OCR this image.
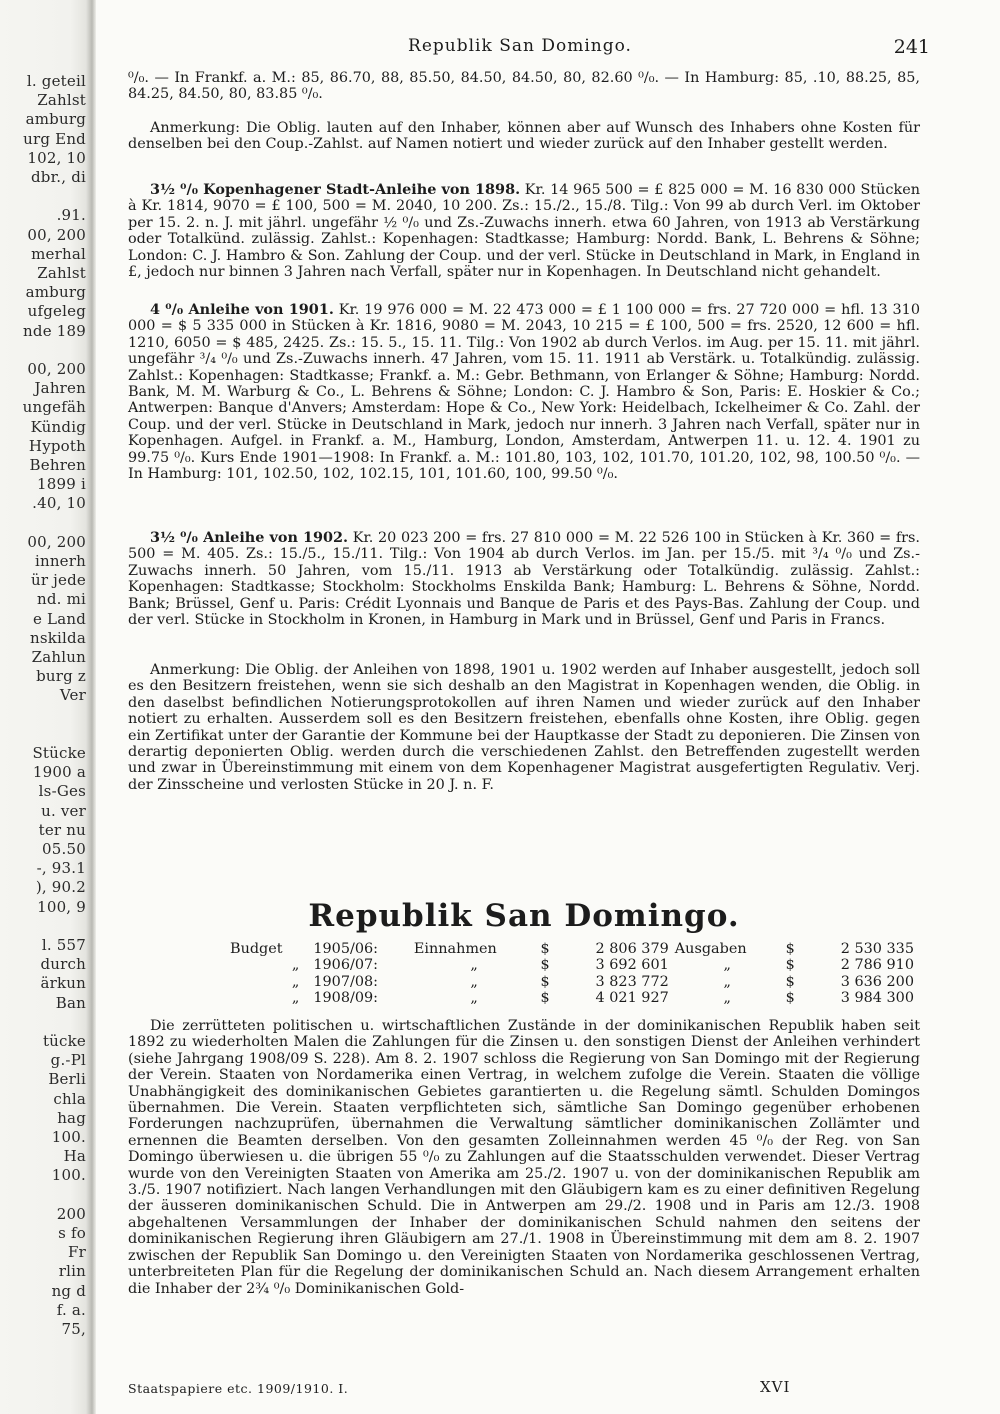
l. geteil
Zahlst
amburg
urg End
102, 10
dbr., di
.91.
00, 200
merhal
Zahlst
amburg
ufgeleg
nde 189
00, 200
Jahren
ungefäh
Kündig
Hypoth
Behren
1899 i
.40, 10
00, 200
innerh
ür jede
nd. mi
e Land
nskilda
Zahlun
burg z
Ver
Stücke
1900 a
ls-Ges
u. ver
ter nu
05.50
-, 93.1
), 90.2
100, 9
l. 557
durch
ärkun
Ban
tücke
g.-Pl
Berli
chla
hag
100.
Ha
100.
200
s fo
Fr
rlin
ng d
f. a.
75,
Republik San Domingo.	241

⁰/₀. — In Frankf. a. M.: 85, 86.70, 88, 85.50, 84.50, 84.50, 80, 82.60 ⁰/₀. — In Hamburg: 85, .10, 88.25, 85, 84.25, 84.50, 80, 83.85 ⁰/₀.

Anmerkung: Die Oblig. lauten auf den Inhaber, können aber auf Wunsch des Inhabers ohne Kosten für denselben bei den Coup.-Zahlst. auf Namen notiert und wieder zurück auf den Inhaber gestellt werden.

3½ ⁰/₀ Kopenhagener Stadt-Anleihe von 1898. Kr. 14 965 500 = £ 825 000 = M. 16 830 000 Stücken à Kr. 1814, 9070 = £ 100, 500 = M. 2040, 10 200. Zs.: 15./2., 15./8. Tilg.: Von 99 ab durch Verl. im Oktober per 15. 2. n. J. mit jährl. ungefähr ½ ⁰/₀ und Zs.-Zuwachs innerh. etwa 60 Jahren, von 1913 ab Verstärkung oder Totalkünd. zulässig. Zahlst.: Kopenhagen: Stadtkasse; Hamburg: Nordd. Bank, L. Behrens & Söhne; London: C. J. Hambro & Son. Zahlung der Coup. und der verl. Stücke in Deutschland in Mark, in England in £, jedoch nur binnen 3 Jahren nach Verfall, später nur in Kopenhagen. In Deutschland nicht gehandelt.

4 ⁰/₀ Anleihe von 1901. Kr. 19 976 000 = M. 22 473 000 = £ 1 100 000 = frs. 27 720 000 = hfl. 13 310 000 = $ 5 335 000 in Stücken à Kr. 1816, 9080 = M. 2043, 10 215 = £ 100, 500 = frs. 2520, 12 600 = hfl. 1210, 6050 = $ 485, 2425. Zs.: 15. 5., 15. 11. Tilg.: Von 1902 ab durch Verlos. im Aug. per 15. 11. mit jährl. ungefähr ³/₄ ⁰/₀ und Zs.-Zuwachs innerh. 47 Jahren, vom 15. 11. 1911 ab Verstärk. u. Totalkündig. zulässig. Zahlst.: Kopenhagen: Stadtkasse; Frankf. a. M.: Gebr. Bethmann, von Erlanger & Söhne; Hamburg: Nordd. Bank, M. M. Warburg & Co., L. Behrens & Söhne; London: C. J. Hambro & Son, Paris: E. Hoskier & Co.; Antwerpen: Banque d'Anvers; Amsterdam: Hope & Co., New York: Heidelbach, Ickelheimer & Co. Zahl. der Coup. und der verl. Stücke in Deutschland in Mark, jedoch nur innerh. 3 Jahren nach Verfall, später nur in Kopenhagen. Aufgel. in Frankf. a. M., Hamburg, London, Amsterdam, Antwerpen 11. u. 12. 4. 1901 zu 99.75 ⁰/₀. Kurs Ende 1901—1908: In Frankf. a. M.: 101.80, 103, 102, 101.70, 101.20, 102, 98, 100.50 ⁰/₀. — In Hamburg: 101, 102.50, 102, 102.15, 101, 101.60, 100, 99.50 ⁰/₀.

3½ ⁰/₀ Anleihe von 1902. Kr. 20 023 200 = frs. 27 810 000 = M. 22 526 100 in Stücken à Kr. 360 = frs. 500 = M. 405. Zs.: 15./5., 15./11. Tilg.: Von 1904 ab durch Verlos. im Jan. per 15./5. mit ³/₄ ⁰/₀ und Zs.-Zuwachs innerh. 50 Jahren, vom 15./11. 1913 ab Verstärkung oder Totalkündig. zulässig. Zahlst.: Kopenhagen: Stadtkasse; Stockholm: Stockholms Enskilda Bank; Hamburg: L. Behrens & Söhne, Nordd. Bank; Brüssel, Genf u. Paris: Crédit Lyonnais und Banque de Paris et des Pays-Bas. Zahlung der Coup. und der verl. Stücke in Stockholm in Kronen, in Hamburg in Mark und in Brüssel, Genf und Paris in Francs.

Anmerkung: Die Oblig. der Anleihen von 1898, 1901 u. 1902 werden auf Inhaber ausgestellt, jedoch soll es den Besitzern freistehen, wenn sie sich deshalb an den Magistrat in Kopenhagen wenden, die Oblig. in den daselbst befindlichen Notierungsprotokollen auf ihren Namen und wieder zurück auf den Inhaber notiert zu erhalten. Ausserdem soll es den Besitzern freistehen, ebenfalls ohne Kosten, ihre Oblig. gegen ein Zertifikat unter der Garantie der Kommune bei der Hauptkasse der Stadt zu deponieren. Die Zinsen von derartig deponierten Oblig. werden durch die verschiedenen Zahlst. den Betreffenden zugestellt werden und zwar in Übereinstimmung mit einem von dem Kopenhagener Magistrat ausgefertigten Regulativ. Verj. der Zinsscheine und verlosten Stücke in 20 J. n. F.

Republik San Domingo.
Budget	1905/06:	Einnahmen	$	2 806 379	Ausgaben	$	2 530 335
„	1906/07:	„	$	3 692 601	„	$	2 786 910
„	1907/08:	„	$	3 823 772	„	$	3 636 200
„	1908/09:	„	$	4 021 927	„	$	3 984 300

Die zerrütteten politischen u. wirtschaftlichen Zustände in der dominikanischen Republik haben seit 1892 zu wiederholten Malen die Zahlungen für die Zinsen u. den sonstigen Dienst der Anleihen verhindert (siehe Jahrgang 1908/09 S. 228). Am 8. 2. 1907 schloss die Regierung von San Domingo mit der Regierung der Verein. Staaten von Nordamerika einen Vertrag, in welchem zufolge die Verein. Staaten die völlige Unabhängigkeit des dominikanischen Gebietes garantierten u. die Regelung sämtl. Schulden Domingos übernahmen. Die Verein. Staaten verpflichteten sich, sämtliche San Domingo gegenüber erhobenen Forderungen nachzuprüfen, übernahmen die Verwaltung sämtlicher dominikanischen Zollämter und ernennen die Beamten derselben. Von den gesamten Zolleinnahmen werden 45 ⁰/₀ der Reg. von San Domingo überwiesen u. die übrigen 55 ⁰/₀ zu Zahlungen auf die Staatsschulden verwendet. Dieser Vertrag wurde von den Vereinigten Staaten von Amerika am 25./2. 1907 u. von der dominikanischen Republik am 3./5. 1907 notifiziert. Nach langen Verhandlungen mit den Gläubigern kam es zu einer definitiven Regelung der äusseren dominikanischen Schuld. Die in Antwerpen am 29./2. 1908 und in Paris am 12./3. 1908 abgehaltenen Versammlungen der Inhaber der dominikanischen Schuld nahmen den seitens der dominikanischen Regierung ihren Gläubigern am 27./1. 1908 in Übereinstimmung mit dem am 8. 2. 1907 zwischen der Republik San Domingo u. den Vereinigten Staaten von Nordamerika geschlossenen Vertrag, unterbreiteten Plan für die Regelung der dominikanischen Schuld an. Nach diesem Arrangement erhalten die Inhaber der 2¾ ⁰/₀ Dominikanischen Gold-

Staatspapiere etc. 1909/1910. I.	XVI
